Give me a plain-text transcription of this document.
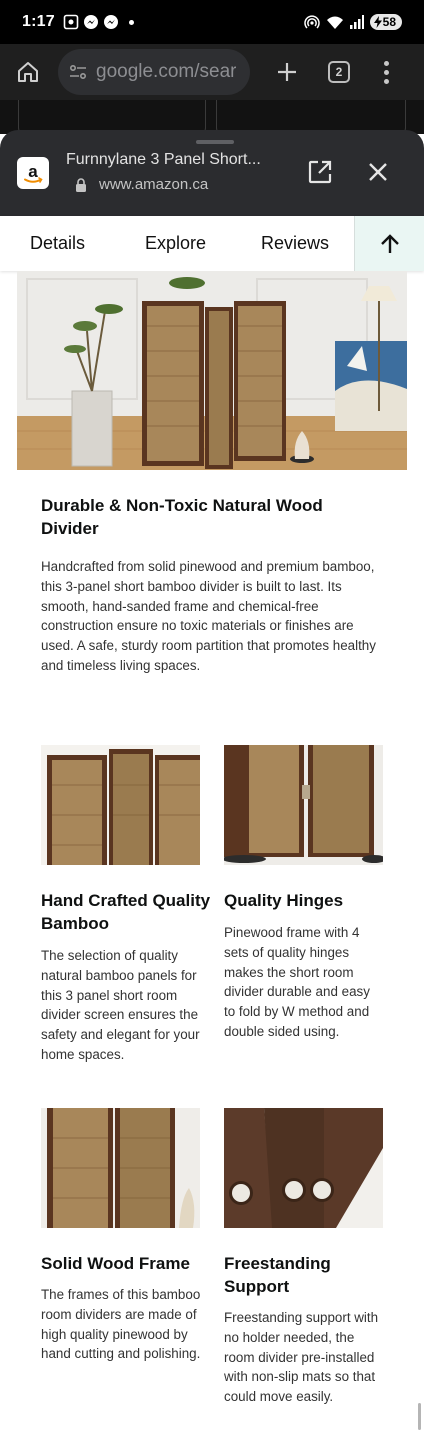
1:17	58
google.com/sear	2
a
Furnnylane 3 Panel Short...
www.amazon.ca
Details	Explore	Reviews
Durable & Non-Toxic Natural Wood Divider
Handcrafted from solid pinewood and premium bamboo, this 3-panel short bamboo divider is built to last. Its smooth, hand-sanded frame and chemical-free construction ensure no toxic materials or finishes are used. A safe, sturdy room partition that promotes healthy and timeless living spaces.
Hand Crafted Quality Bamboo
Quality Hinges
The selection of quality natural bamboo panels for this 3 panel short room divider screen ensures the safety and elegant for your home spaces.
Pinewood frame with 4 sets of quality hinges makes the short room divider durable and easy to fold by W method and double sided using.
Solid Wood Frame	Freestanding Support
The frames of this bamboo room dividers are made of high quality pinewood by hand cutting and polishing.
Freestanding support with no holder needed, the room divider pre-installed with non-slip mats so that could move easily.
